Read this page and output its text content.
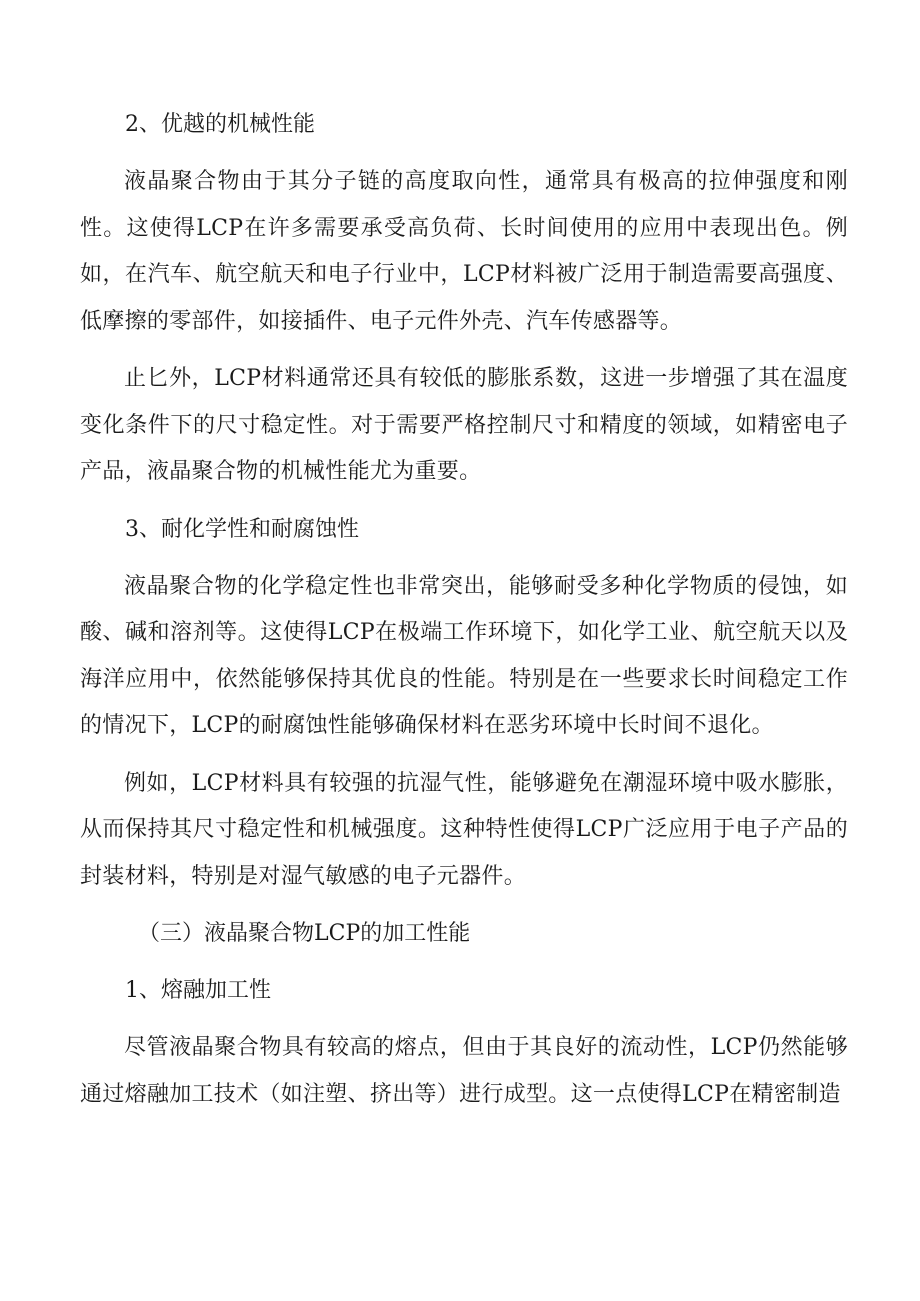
2、优越的机械性能

液晶聚合物由于其分子链的高度取向性，通常具有极高的拉伸强度和刚性。这使得LCP在许多需要承受高负荷、长时间使用的应用中表现出色。例如，在汽车、航空航天和电子行业中，LCP材料被广泛用于制造需要高强度、低摩擦的零部件，如接插件、电子元件外壳、汽车传感器等。

止匕外，LCP材料通常还具有较低的膨胀系数，这进一步增强了其在温度变化条件下的尺寸稳定性。对于需要严格控制尺寸和精度的领域，如精密电子产品，液晶聚合物的机械性能尤为重要。

3、耐化学性和耐腐蚀性

液晶聚合物的化学稳定性也非常突出，能够耐受多种化学物质的侵蚀，如酸、碱和溶剂等。这使得LCP在极端工作环境下，如化学工业、航空航天以及海洋应用中，依然能够保持其优良的性能。特别是在一些要求长时间稳定工作的情况下，LCP的耐腐蚀性能够确保材料在恶劣环境中长时间不退化。

例如，LCP材料具有较强的抗湿气性，能够避免在潮湿环境中吸水膨胀，从而保持其尺寸稳定性和机械强度。这种特性使得LCP广泛应用于电子产品的封装材料，特别是对湿气敏感的电子元器件。

（三）液晶聚合物LCP的加工性能
1、熔融加工性

尽管液晶聚合物具有较高的熔点，但由于其良好的流动性，LCP仍然能够通过熔融加工技术（如注塑、挤出等）进行成型。这一点使得LCP在精密制造
